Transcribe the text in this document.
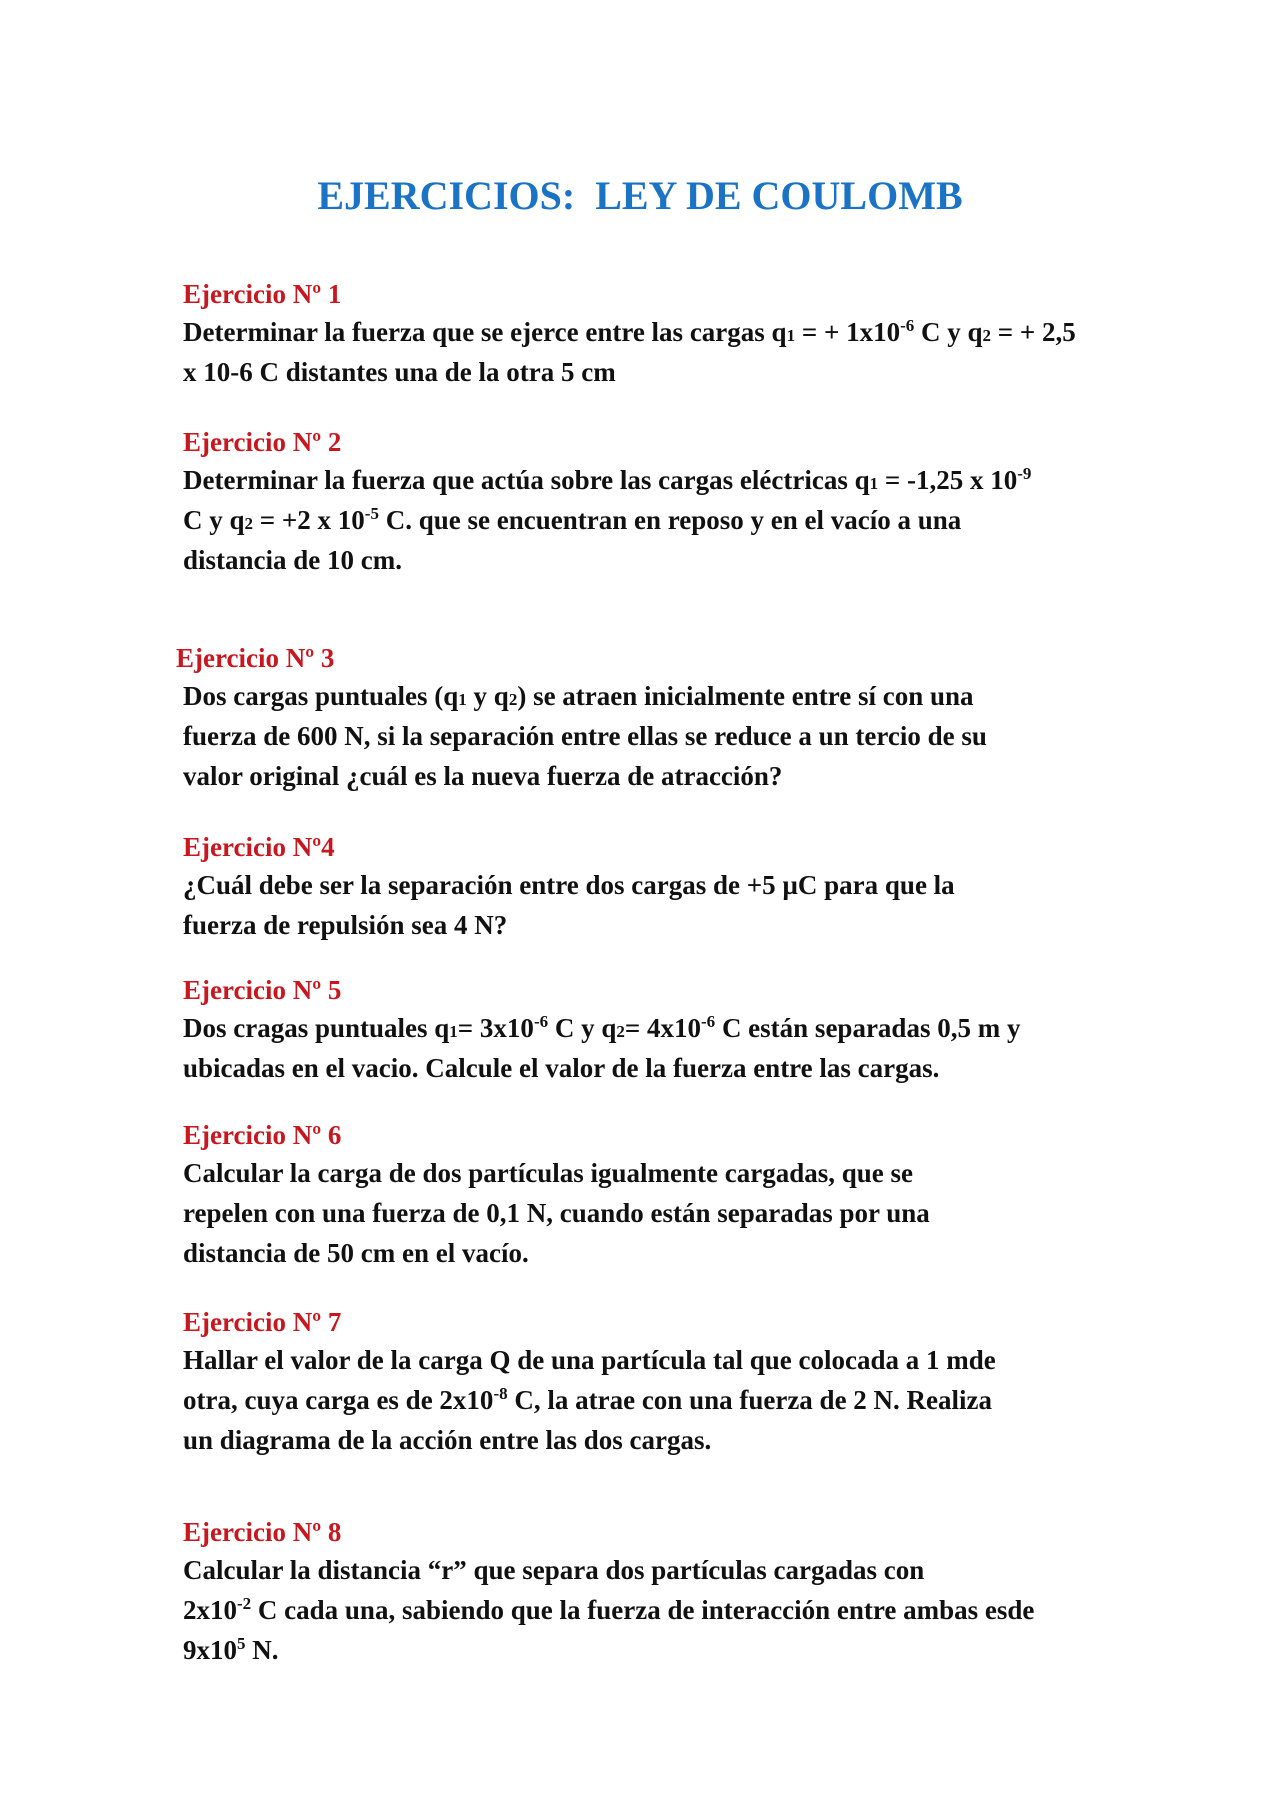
EJERCICIOS:  LEY DE COULOMB
Ejercicio Nº 1
Determinar la fuerza que se ejerce entre las cargas q1 = + $1x10^{-6}$ C y q2 = + 2,5
x 10-6 C distantes una de la otra 5 cm
Ejercicio Nº 2
Determinar la fuerza que actúa sobre las cargas eléctricas q1 = -1,25 x $10^{-9}$
C y q2 = +2 x $10^{-5}$ C. que se encuentran en reposo y en el vacío a una
distancia de 10 cm.
Ejercicio Nº 3
Dos cargas puntuales (q1 y q2) se atraen inicialmente entre sí con una
fuerza de 600 N, si la separación entre ellas se reduce a un tercio de su
valor original ¿cuál es la nueva fuerza de atracción?
Ejercicio Nº4
¿Cuál debe ser la separación entre dos cargas de +5 µC para que la
fuerza de repulsión sea 4 N?
Ejercicio Nº 5
Dos cragas puntuales $q1= 3x10^{-6}$ C y $q2= 4x10^{-6}$ C están separadas 0,5 m y
ubicadas en el vacio. Calcule el valor de la fuerza entre las cargas.
Ejercicio Nº 6
Calcular la carga de dos partículas igualmente cargadas, que se
repelen con una fuerza de 0,1 N, cuando están separadas por una
distancia de 50 cm en el vacío.
Ejercicio Nº 7
Hallar el valor de la carga Q de una partícula tal que colocada a 1 mde
otra, cuya carga es de $2x10^{-8}$ C, la atrae con una fuerza de 2 N. Realiza
un diagrama de la acción entre las dos cargas.
Ejercicio Nº 8
Calcular la distancia “r” que separa dos partículas cargadas con
$2x10^{-2}$ C cada una, sabiendo que la fuerza de interacción entre ambas esde
$9x10^5$ N.
